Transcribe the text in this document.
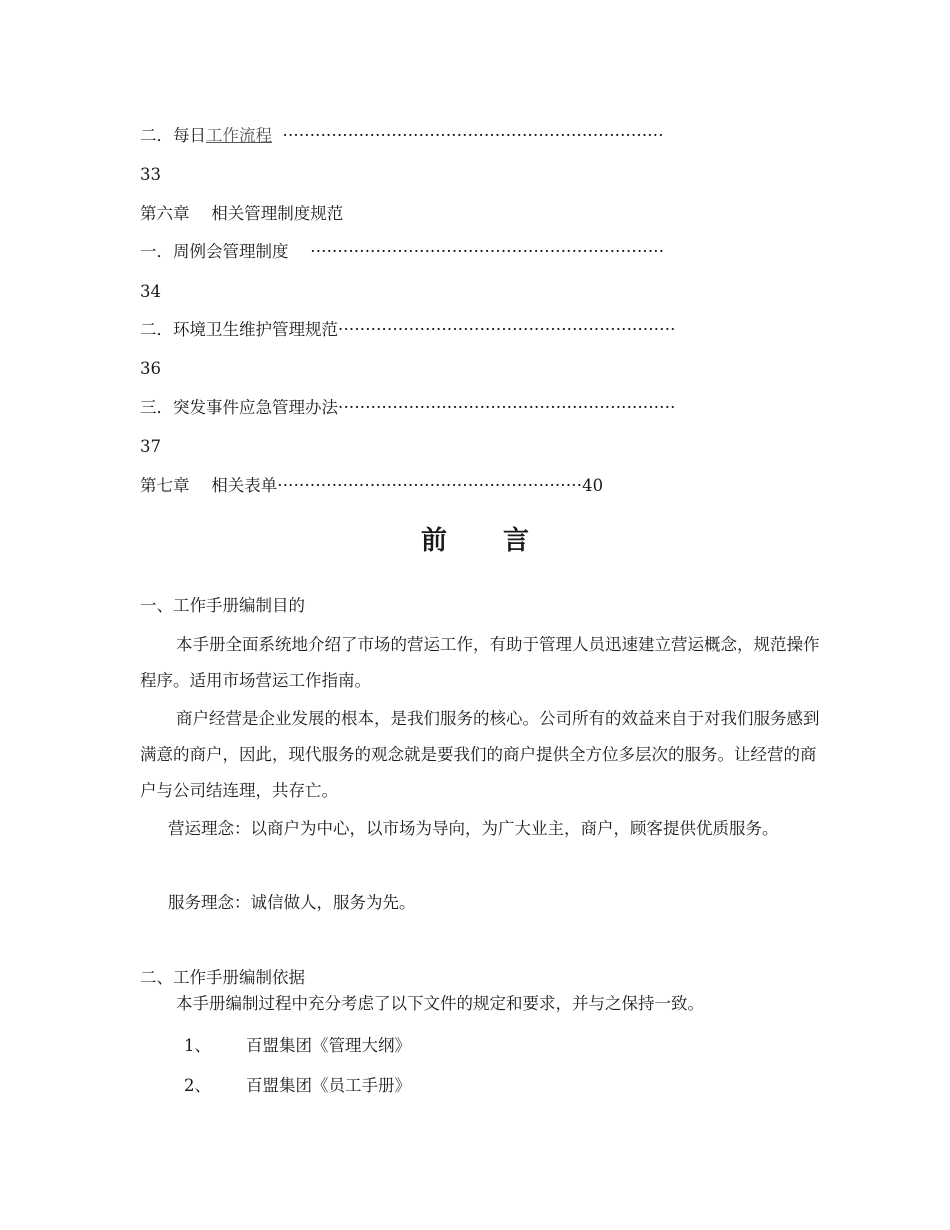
二．每日工作流程 ······································································
33
第六章　 相关管理制度规范
一．周例会管理制度　 ·································································
34
二．环境卫生维护管理规范······························································
36
三．突发事件应急管理办法······························································
37
第七章　 相关表单························································40
前言
一、工作手册编制目的
本手册全面系统地介绍了市场的营运工作，有助于管理人员迅速建立营运概念，规范操作程序。适用市场营运工作指南。
商户经营是企业发展的根本，是我们服务的核心。公司所有的效益来自于对我们服务感到满意的商户，因此，现代服务的观念就是要我们的商户提供全方位多层次的服务。让经营的商户与公司结连理，共存亡。
营运理念：以商户为中心，以市场为导向，为广大业主，商户，顾客提供优质服务。
服务理念：诚信做人，服务为先。
二、工作手册编制依据
本手册编制过程中充分考虑了以下文件的规定和要求，并与之保持一致。
1、 百盟集团《管理大纲》
2、 百盟集团《员工手册》
